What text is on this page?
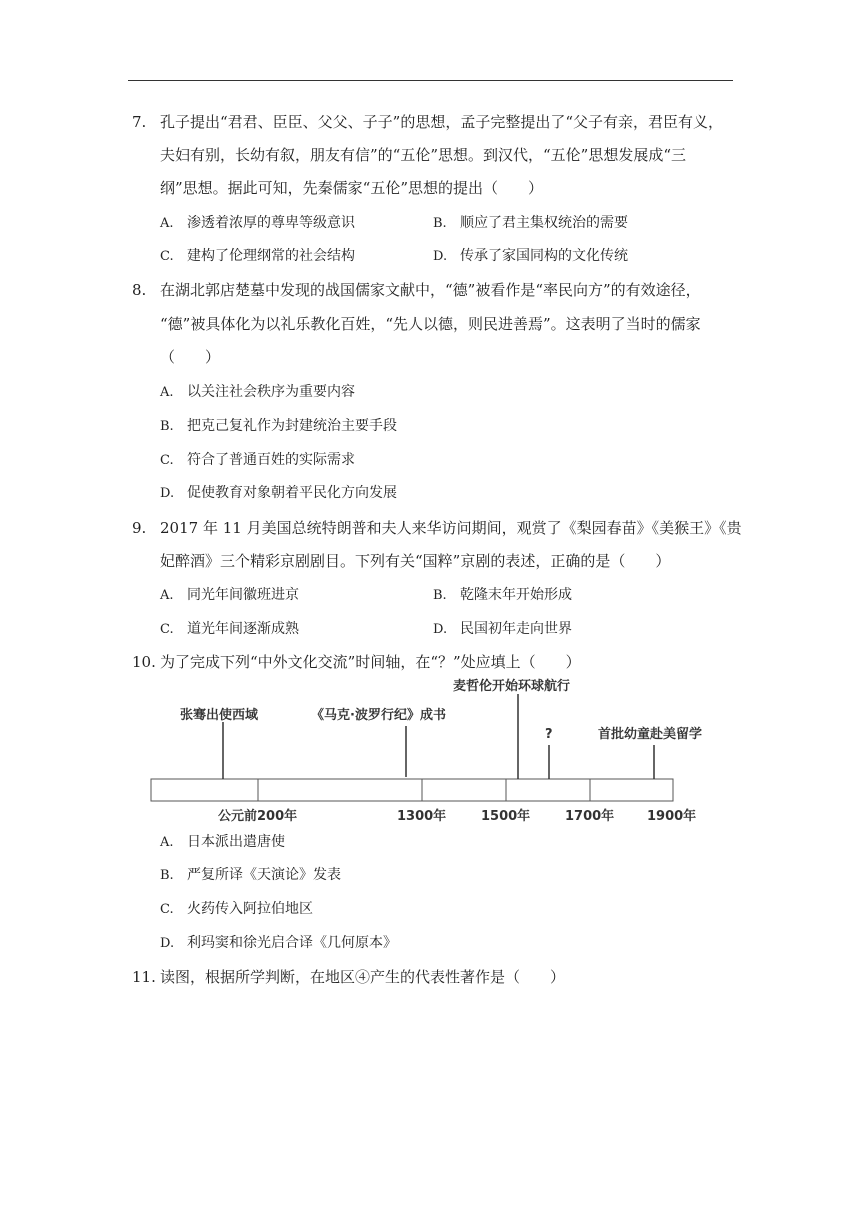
7. 孔子提出“君君、臣臣、父父、子子”的思想，孟子完整提出了“父子有亲，君臣有义，
夫妇有别，长幼有叙，朋友有信”的“五伦”思想。到汉代，“五伦”思想发展成“三
纲”思想。据此可知，先秦儒家“五伦”思想的提出（　　）
A. 渗透着浓厚的尊卑等级意识	B. 顺应了君主集权统治的需要
C. 建构了伦理纲常的社会结构	D. 传承了家国同构的文化传统
8. 在湖北郭店楚墓中发现的战国儒家文献中，“德”被看作是“率民向方”的有效途径，
“德”被具体化为以礼乐教化百姓，“先人以德，则民进善焉”。这表明了当时的儒家
（　　）
A. 以关注社会秩序为重要内容
B. 把克己复礼作为封建统治主要手段
C. 符合了普通百姓的实际需求
D. 促使教育对象朝着平民化方向发展
9. 2017 年 11 月美国总统特朗普和夫人来华访问期间，观赏了《梨园春苗》《美猴王》《贵
妃醉酒》三个精彩京剧剧目。下列有关“国粹”京剧的表述，正确的是（　　）
A. 同光年间徽班进京	B. 乾隆末年开始形成
C. 道光年间逐渐成熟	D. 民国初年走向世界
10. 为了完成下列“中外文化交流”时间轴，在“？”处应填上（　　）
张骞出使西域	《马克·波罗行纪》成书
麦哲伦开始环球航行
?	首批幼童赴美留学
公元前200年	1300年	1500年	1700年	1900年
A. 日本派出遣唐使
B. 严复所译《天演论》发表
C. 火药传入阿拉伯地区
D. 利玛窦和徐光启合译《几何原本》
11. 读图，根据所学判断，在地区④产生的代表性著作是（　　）
